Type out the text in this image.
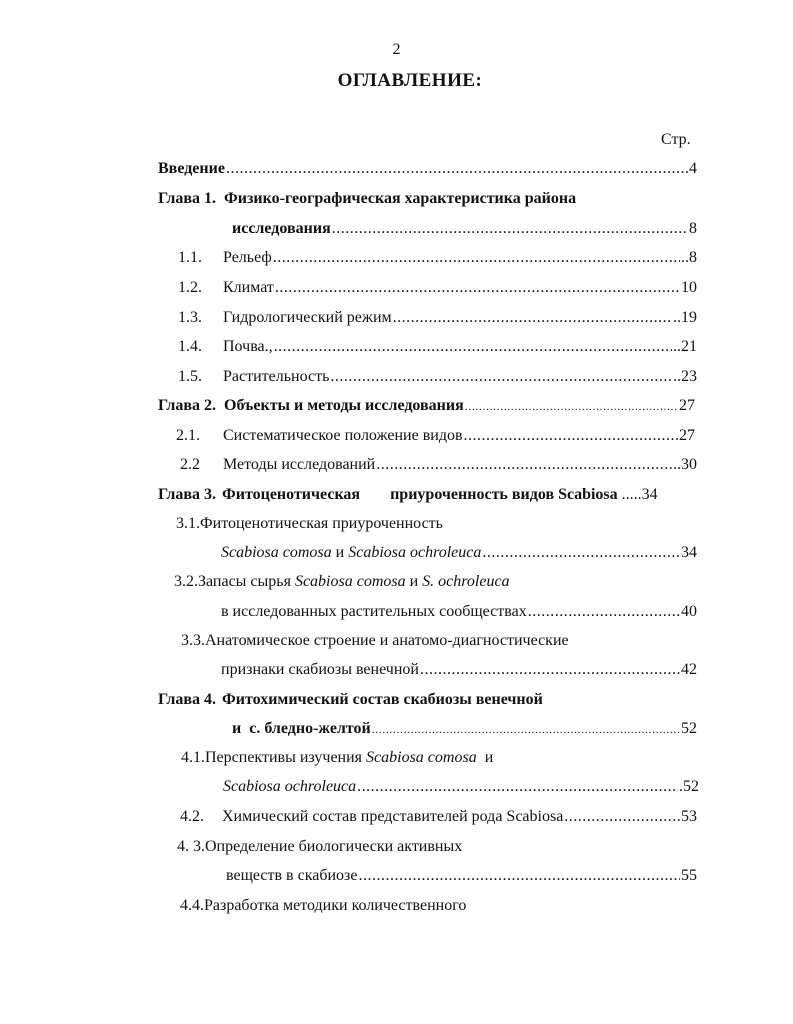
2
ОГЛАВЛЕНИЕ:
Стр.
Введение .....	.4
Глава 1. Физико-географическая характеристика района
исследования .....	8
1.1.	Рельеф .....	..8
1.2.	Климат .....	10
1.3.	Гидрологический режим .....	..19
1.4.	Почва., .....	..21
1.5.	Растительность .....	..23
Глава 2. Объекты и методы исследования .....	27
2.1.	Систематическое положение видов .....	27
2.2	Методы исследований .....	..30
Глава 3. Фитоценотическая приуроченность видов Scabiosa .....34
3.1.Фитоценотическая приуроченность
Scabiosa comosa и Scabiosa ochroleuca .....	34
3.2.Запасы сырья Scabiosa comosa и S. ochroleuca
в исследованных растительных сообществах .....	40
3.3.Анатомическое строение и анатомо-диагностические
признаки скабиозы венечной .....	42
Глава 4. Фитохимический состав скабиозы венечной
и  с. бледно-желтой .....	52
4.1.Перспективы изучения Scabiosa comosa  и
Scabiosa ochroleuca .....	.52
4.2.	Химический состав представителей рода Scabiosa .....	53
4. 3.Определение биологически активных
веществ в скабиозе .....	55
4.4.Разработка методики количественного
